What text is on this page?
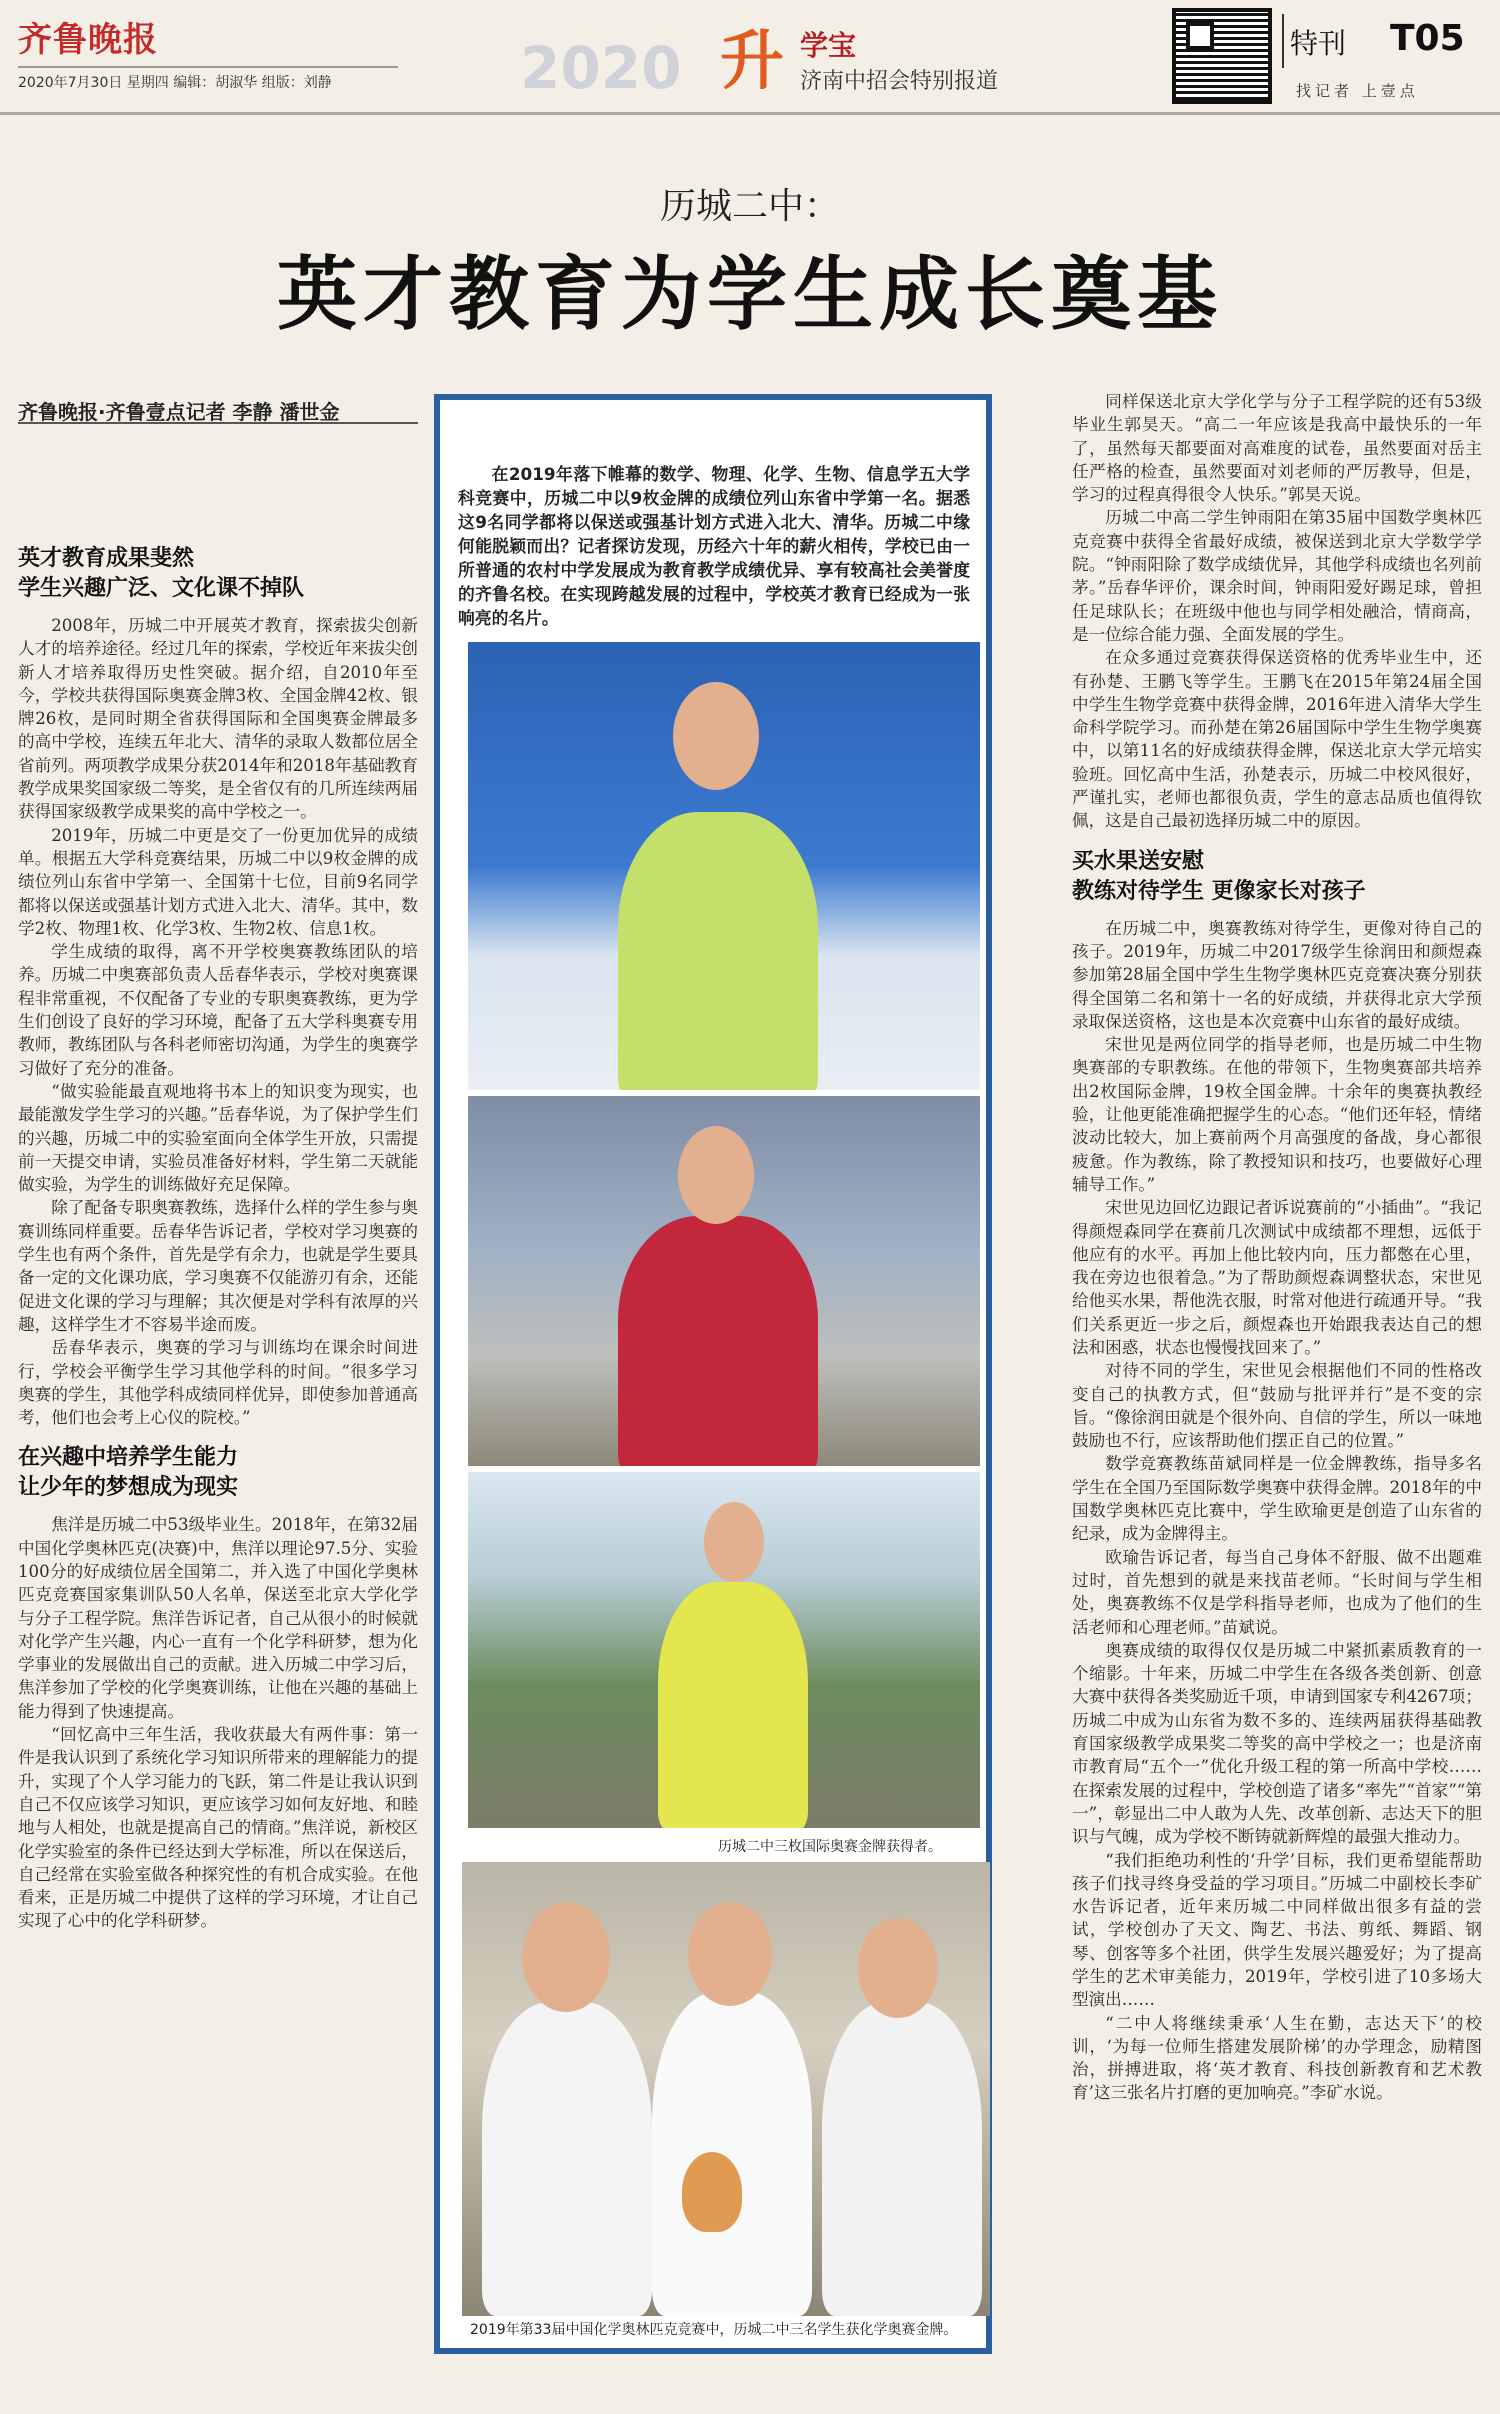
齐鲁晚报
2020年7月30日 星期四 编辑：胡淑华 组版：刘静	2020 升 学宝
济南中招会特别报道
特刊 T05
找记者 上壹点
历城二中：
英才教育为学生成长奠基
齐鲁晚报·齐鲁壹点记者 李静 潘世金
英才教育成果斐然
学生兴趣广泛、文化课不掉队

2008年，历城二中开展英才教育，探索拔尖创新人才的培养途径。经过几年的探索，学校近年来拔尖创新人才培养取得历史性突破。据介绍，自2010年至今，学校共获得国际奥赛金牌3枚、全国金牌42枚、银牌26枚，是同时期全省获得国际和全国奥赛金牌最多的高中学校，连续五年北大、清华的录取人数都位居全省前列。两项教学成果分获2014年和2018年基础教育教学成果奖国家级二等奖，是全省仅有的几所连续两届获得国家级教学成果奖的高中学校之一。

2019年，历城二中更是交了一份更加优异的成绩单。根据五大学科竞赛结果，历城二中以9枚金牌的成绩位列山东省中学第一、全国第十七位，目前9名同学都将以保送或强基计划方式进入北大、清华。其中，数学2枚、物理1枚、化学3枚、生物2枚、信息1枚。

学生成绩的取得，离不开学校奥赛教练团队的培养。历城二中奥赛部负责人岳春华表示，学校对奥赛课程非常重视，不仅配备了专业的专职奥赛教练，更为学生们创设了良好的学习环境，配备了五大学科奥赛专用教师，教练团队与各科老师密切沟通，为学生的奥赛学习做好了充分的准备。

“做实验能最直观地将书本上的知识变为现实，也最能激发学生学习的兴趣。”岳春华说，为了保护学生们的兴趣，历城二中的实验室面向全体学生开放，只需提前一天提交申请，实验员准备好材料，学生第二天就能做实验，为学生的训练做好充足保障。

除了配备专职奥赛教练，选择什么样的学生参与奥赛训练同样重要。岳春华告诉记者，学校对学习奥赛的学生也有两个条件，首先是学有余力，也就是学生要具备一定的文化课功底，学习奥赛不仅能游刃有余，还能促进文化课的学习与理解；其次便是对学科有浓厚的兴趣，这样学生才不容易半途而废。

岳春华表示，奥赛的学习与训练均在课余时间进行，学校会平衡学生学习其他学科的时间。“很多学习奥赛的学生，其他学科成绩同样优异，即使参加普通高考，他们也会考上心仪的院校。”

在兴趣中培养学生能力
让少年的梦想成为现实

焦洋是历城二中53级毕业生。2018年，在第32届中国化学奥林匹克(决赛)中，焦洋以理论97.5分、实验100分的好成绩位居全国第二，并入选了中国化学奥林匹克竞赛国家集训队50人名单，保送至北京大学化学与分子工程学院。焦洋告诉记者，自己从很小的时候就对化学产生兴趣，内心一直有一个化学科研梦，想为化学事业的发展做出自己的贡献。进入历城二中学习后，焦洋参加了学校的化学奥赛训练，让他在兴趣的基础上能力得到了快速提高。

“回忆高中三年生活，我收获最大有两件事：第一件是我认识到了系统化学习知识所带来的理解能力的提升，实现了个人学习能力的飞跃，第二件是让我认识到自己不仅应该学习知识，更应该学习如何友好地、和睦地与人相处，也就是提高自己的情商。”焦洋说，新校区化学实验室的条件已经达到大学标准，所以在保送后，自己经常在实验室做各种探究性的有机合成实验。在他看来，正是历城二中提供了这样的学习环境，才让自己实现了心中的化学科研梦。

在2019年落下帷幕的数学、物理、化学、生物、信息学五大学科竞赛中，历城二中以9枚金牌的成绩位列山东省中学第一名。据悉这9名同学都将以保送或强基计划方式进入北大、清华。历城二中缘何能脱颖而出？记者探访发现，历经六十年的薪火相传，学校已由一所普通的农村中学发展成为教育教学成绩优异、享有较高社会美誉度的齐鲁名校。在实现跨越发展的过程中，学校英才教育已经成为一张响亮的名片。

历城二中三枚国际奥赛金牌获得者。
2019年第33届中国化学奥林匹克竞赛中，历城二中三名学生获化学奥赛金牌。

同样保送北京大学化学与分子工程学院的还有53级毕业生郭昊天。“高二一年应该是我高中最快乐的一年了，虽然每天都要面对高难度的试卷，虽然要面对岳主任严格的检查，虽然要面对刘老师的严厉教导，但是，学习的过程真得很令人快乐。”郭昊天说。

历城二中高二学生钟雨阳在第35届中国数学奥林匹克竞赛中获得全省最好成绩，被保送到北京大学数学学院。“钟雨阳除了数学成绩优异，其他学科成绩也名列前茅。”岳春华评价，课余时间，钟雨阳爱好踢足球，曾担任足球队长；在班级中他也与同学相处融洽，情商高，是一位综合能力强、全面发展的学生。

在众多通过竞赛获得保送资格的优秀毕业生中，还有孙楚、王鹏飞等学生。王鹏飞在2015年第24届全国中学生生物学竞赛中获得金牌，2016年进入清华大学生命科学院学习。而孙楚在第26届国际中学生生物学奥赛中，以第11名的好成绩获得金牌，保送北京大学元培实验班。回忆高中生活，孙楚表示，历城二中校风很好，严谨扎实，老师也都很负责，学生的意志品质也值得钦佩，这是自己最初选择历城二中的原因。

买水果送安慰
教练对待学生 更像家长对孩子

在历城二中，奥赛教练对待学生，更像对待自己的孩子。2019年，历城二中2017级学生徐润田和颜煜森参加第28届全国中学生生物学奥林匹克竞赛决赛分别获得全国第二名和第十一名的好成绩，并获得北京大学预录取保送资格，这也是本次竞赛中山东省的最好成绩。

宋世见是两位同学的指导老师，也是历城二中生物奥赛部的专职教练。在他的带领下，生物奥赛部共培养出2枚国际金牌，19枚全国金牌。十余年的奥赛执教经验，让他更能准确把握学生的心态。“他们还年轻，情绪波动比较大，加上赛前两个月高强度的备战，身心都很疲惫。作为教练，除了教授知识和技巧，也要做好心理辅导工作。”

宋世见边回忆边跟记者诉说赛前的“小插曲”。“我记得颜煜森同学在赛前几次测试中成绩都不理想，远低于他应有的水平。再加上他比较内向，压力都憋在心里，我在旁边也很着急。”为了帮助颜煜森调整状态，宋世见给他买水果，帮他洗衣服，时常对他进行疏通开导。“我们关系更近一步之后，颜煜森也开始跟我表达自己的想法和困惑，状态也慢慢找回来了。”

对待不同的学生，宋世见会根据他们不同的性格改变自己的执教方式，但“鼓励与批评并行”是不变的宗旨。“像徐润田就是个很外向、自信的学生，所以一味地鼓励也不行，应该帮助他们摆正自己的位置。”

数学竞赛教练苗斌同样是一位金牌教练，指导多名学生在全国乃至国际数学奥赛中获得金牌。2018年的中国数学奥林匹克比赛中，学生欧瑜更是创造了山东省的纪录，成为金牌得主。

欧瑜告诉记者，每当自己身体不舒服、做不出题难过时，首先想到的就是来找苗老师。“长时间与学生相处，奥赛教练不仅是学科指导老师，也成为了他们的生活老师和心理老师。”苗斌说。

奥赛成绩的取得仅仅是历城二中紧抓素质教育的一个缩影。十年来，历城二中学生在各级各类创新、创意大赛中获得各类奖励近千项，申请到国家专利4267项；历城二中成为山东省为数不多的、连续两届获得基础教育国家级教学成果奖二等奖的高中学校之一；也是济南市教育局“五个一”优化升级工程的第一所高中学校……在探索发展的过程中，学校创造了诸多“率先”“首家”“第一”，彰显出二中人敢为人先、改革创新、志达天下的胆识与气魄，成为学校不断铸就新辉煌的最强大推动力。

“我们拒绝功利性的‘升学’目标，我们更希望能帮助孩子们找寻终身受益的学习项目。”历城二中副校长李矿水告诉记者，近年来历城二中同样做出很多有益的尝试，学校创办了天文、陶艺、书法、剪纸、舞蹈、钢琴、创客等多个社团，供学生发展兴趣爱好；为了提高学生的艺术审美能力，2019年，学校引进了10多场大型演出……

“二中人将继续秉承‘人生在勤，志达天下’的校训，‘为每一位师生搭建发展阶梯’的办学理念，励精图治，拼搏进取，将‘英才教育、科技创新教育和艺术教育’这三张名片打磨的更加响亮。”李矿水说。
